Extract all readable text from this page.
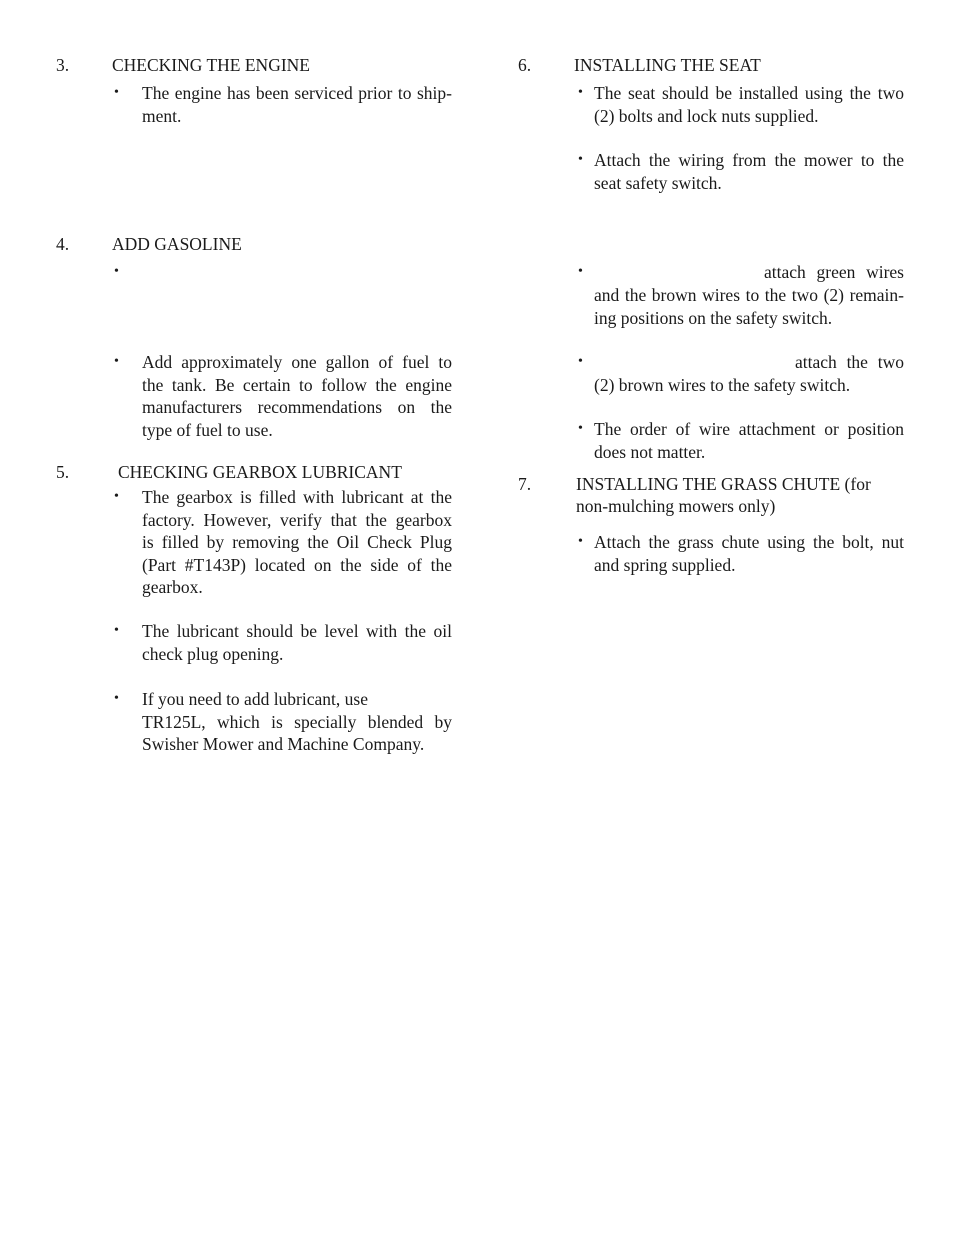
3. CHECKING THE ENGINE
• The engine has been serviced prior to ship-
ment.
4. ADD GASOLINE
•
• Add approximately one gallon of fuel to
the tank. Be certain to follow the engine
manufacturers recommendations on the
type of fuel to use.
5.	CHECKING GEARBOX LUBRICANT
• The gearbox is filled with lubricant at the
factory. However, verify that the gearbox
is filled by removing the Oil Check Plug
(Part #T143P) located on the side of the
gearbox.
• The lubricant should be level with the oil
check plug opening.
• If you need to add lubricant, use
TR125L, which is specially blended by
Swisher Mower and Machine Company.
6. INSTALLING THE SEAT
• The seat should be installed using the two
(2) bolts and lock nuts supplied.
• Attach the wiring from the mower to the
seat safety switch.
•	attach green wires
and the brown wires to the two (2) remain-
ing positions on the safety switch.
•	attach the two
(2) brown wires to the safety switch.
• The order of wire attachment or position
does not matter.
7.	INSTALLING THE GRASS CHUTE (for
non-mulching mowers only)
• Attach the grass chute using the bolt, nut
and spring supplied.
